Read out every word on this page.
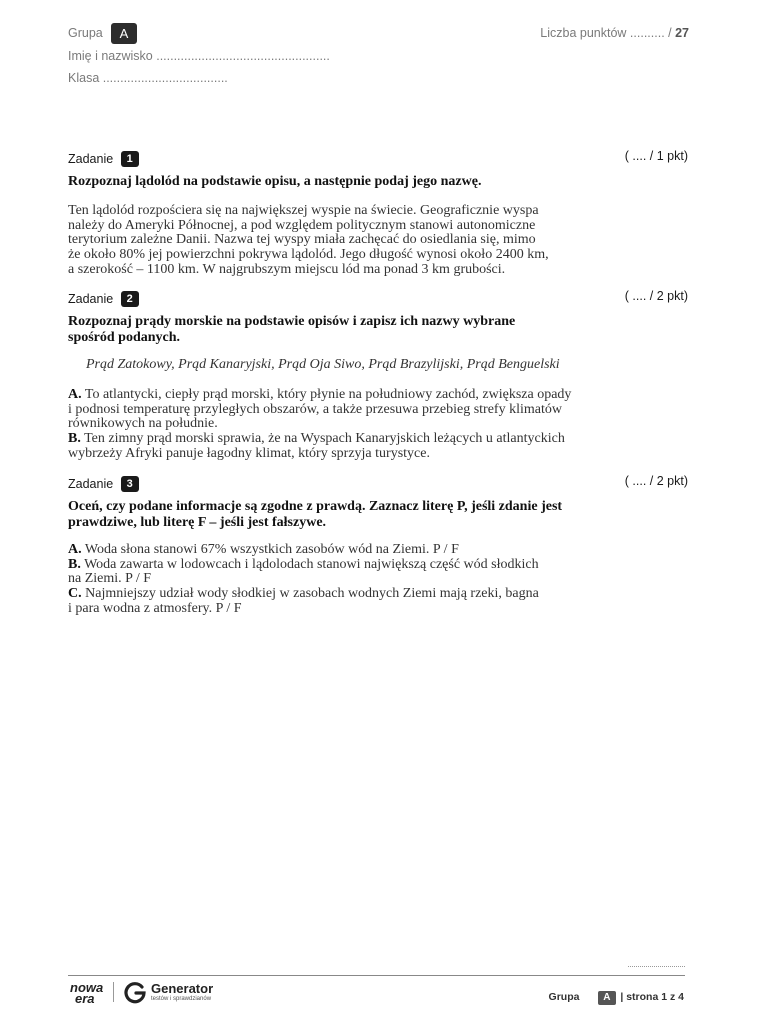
Grupa	A
Imię i nazwisko ..................................................
Klasa ....................................
Liczba punktów .......... / 27
Zadanie 1	( .... / 1 pkt)
Rozpoznaj lądolód na podstawie opisu, a następnie podaj jego nazwę.
Ten lądolód rozpościera się na największej wyspie na świecie. Geograficznie wyspa
należy do Ameryki Północnej, a pod względem politycznym stanowi autonomiczne
terytorium zależne Danii. Nazwa tej wyspy miała zachęcać do osiedlania się, mimo
że około 80% jej powierzchni pokrywa lądolód. Jego długość wynosi około 2400 km,
a szerokość – 1100 km. W najgrubszym miejscu lód ma ponad 3 km grubości.
Zadanie 2	( .... / 2 pkt)
Rozpoznaj prądy morskie na podstawie opisów i zapisz ich nazwy wybrane
spośród podanych.
Prąd Zatokowy, Prąd Kanaryjski, Prąd Oja Siwo, Prąd Brazylijski, Prąd Benguelski
A. To atlantycki, ciepły prąd morski, który płynie na południowy zachód, zwiększa opady
i podnosi temperaturę przyległych obszarów, a także przesuwa przebieg strefy klimatów
równikowych na południe.
B. Ten zimny prąd morski sprawia, że na Wyspach Kanaryjskich leżących u atlantyckich
wybrzeży Afryki panuje łagodny klimat, który sprzyja turystyce.
Zadanie 3	( .... / 2 pkt)
Oceń, czy podane informacje są zgodne z prawdą. Zaznacz literę P, jeśli zdanie jest
prawdziwe, lub literę F – jeśli jest fałszywe.
A. Woda słona stanowi 67% wszystkich zasobów wód na Ziemi. P / F
B. Woda zawarta w lodowcach i lądolodach stanowi największą część wód słodkich
na Ziemi. P / F
C. Najmniejszy udział wody słodkiej w zasobach wodnych Ziemi mają rzeki, bagna
i para wodna z atmosfery. P / F
nowa
era
Generator
testów i sprawdzianów	Grupa A | strona 1 z 4
